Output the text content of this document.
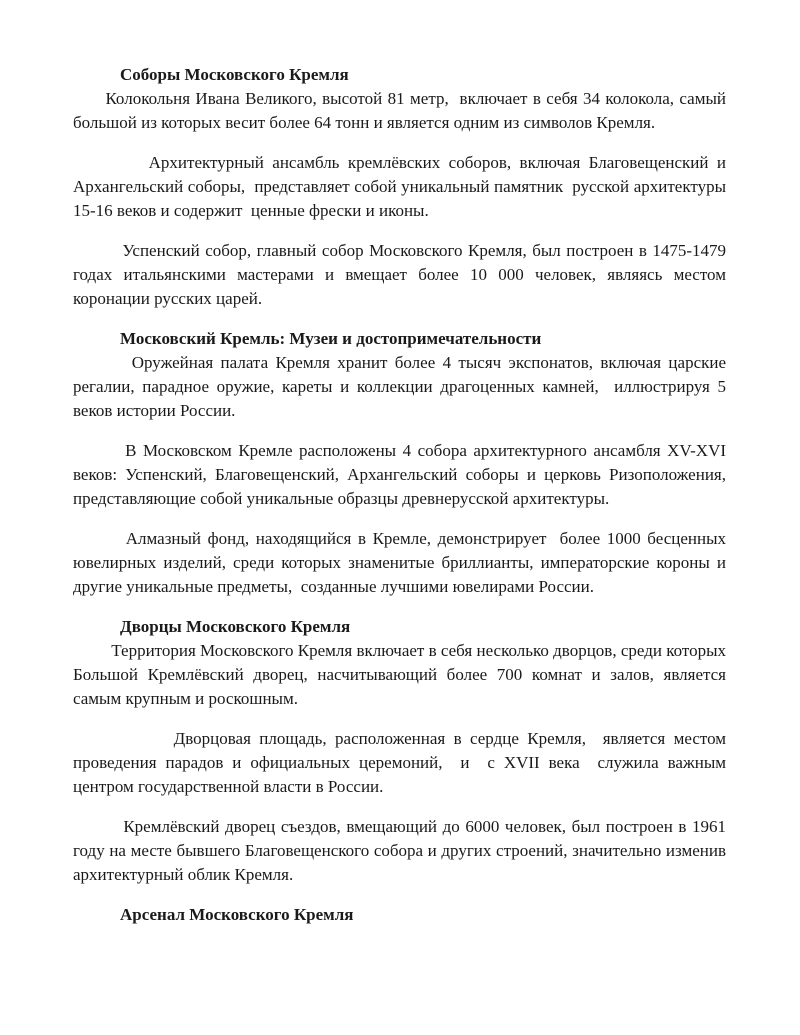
Соборы Московского Кремля

Колокольня Ивана Великого, высотой 81 метр,  включает в себя 34 колокола, самый большой из которых весит более 64 тонн и является одним из символов Кремля.

Архитектурный ансамбль кремлёвских соборов, включая Благовещенский и Архангельский соборы,  представляет собой уникальный памятник  русской архитектуры 15-16 веков и содержит  ценные фрески и иконы.

Успенский собор, главный собор Московского Кремля, был построен в 1475-1479 годах итальянскими мастерами и вмещает более 10 000 человек, являясь местом коронации русских царей.

Московский Кремль: Музеи и достопримечательности

Оружейная палата Кремля хранит более 4 тысяч экспонатов, включая царские регалии, парадное оружие, кареты и коллекции драгоценных камней,  иллюстрируя 5 веков истории России.

В Московском Кремле расположены 4 собора архитектурного ансамбля XV-XVI веков: Успенский, Благовещенский, Архангельский соборы и церковь Ризоположения, представляющие собой уникальные образцы древнерусской архитектуры.

Алмазный фонд, находящийся в Кремле, демонстрирует  более 1000 бесценных ювелирных изделий, среди которых знаменитые бриллианты, императорские короны и другие уникальные предметы,  созданные лучшими ювелирами России.

Дворцы Московского Кремля

Территория Московского Кремля включает в себя несколько дворцов, среди которых Большой Кремлёвский дворец, насчитывающий более 700 комнат и залов, является самым крупным и роскошным.

Дворцовая площадь, расположенная в сердце Кремля,  является местом проведения парадов и официальных церемоний,  и  с XVII века  служила важным центром государственной власти в России.

Кремлёвский дворец съездов, вмещающий до 6000 человек, был построен в 1961 году на месте бывшего Благовещенского собора и других строений, значительно изменив архитектурный облик Кремля.

Арсенал Московского Кремля
